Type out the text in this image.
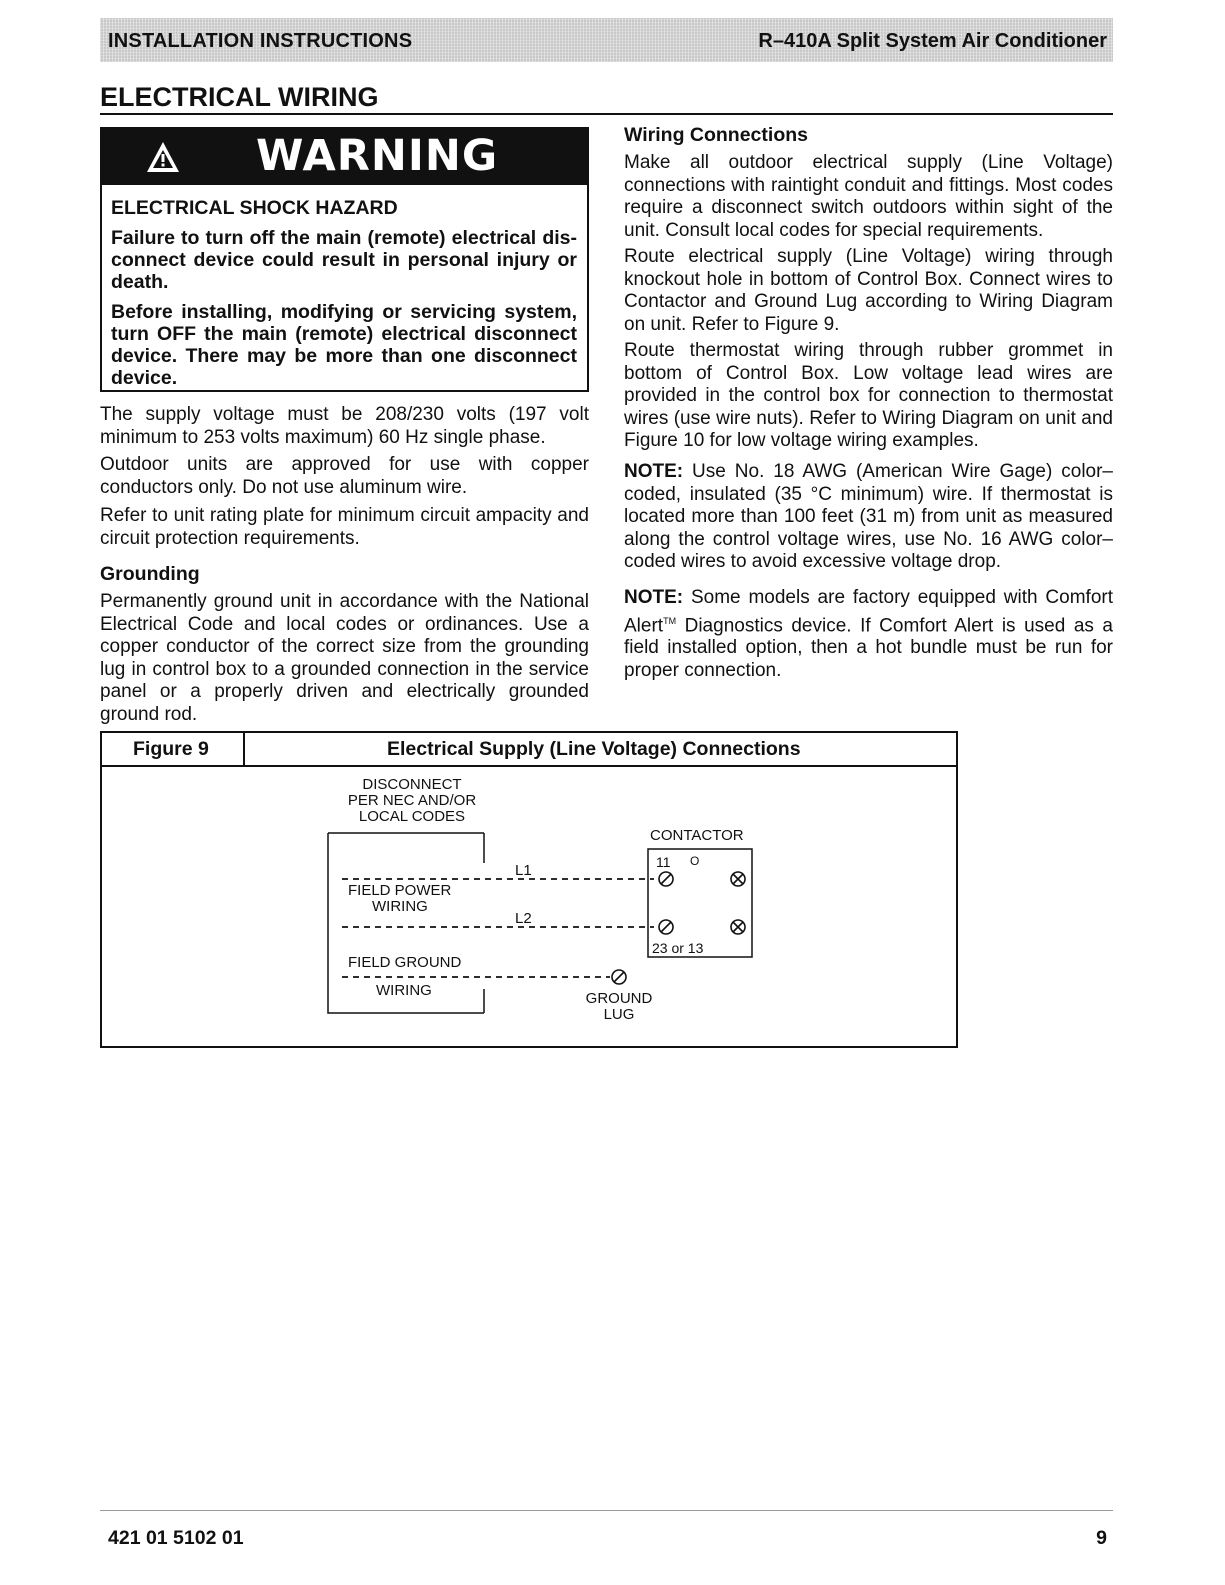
INSTALLATION INSTRUCTIONS	R–410A Split System Air Conditioner
ELECTRICAL WIRING
WARNING
ELECTRICAL SHOCK HAZARD
Failure to turn off the main (remote) electrical dis-connect device could result in personal injury or death.
Before installing, modifying or servicing system, turn OFF the main (remote) electrical disconnect device. There may be more than one disconnect device.
The supply voltage must be 208/230 volts (197 volt minimum to 253 volts maximum) 60 Hz single phase.
Outdoor units are approved for use with copper conductors only. Do not use aluminum wire.
Refer to unit rating plate for minimum circuit ampacity and circuit protection requirements.
Grounding
Permanently ground unit in accordance with the National Electrical Code and local codes or ordinances. Use a copper conductor of the correct size from the grounding lug in control box to a grounded connection in the service panel or a properly driven and electrically grounded ground rod.
Wiring Connections
Make all outdoor electrical supply (Line Voltage) connections with raintight conduit and fittings. Most codes require a disconnect switch outdoors within sight of the unit. Consult local codes for special requirements.
Route electrical supply (Line Voltage) wiring through knockout hole in bottom of Control Box. Connect wires to Contactor and Ground Lug according to Wiring Diagram on unit. Refer to Figure 9.
Route thermostat wiring through rubber grommet in bottom of Control Box. Low voltage lead wires are provided in the control box for connection to thermostat wires (use wire nuts). Refer to Wiring Diagram on unit and Figure 10 for low voltage wiring examples.
NOTE: Use No. 18 AWG (American Wire Gage) color–coded, insulated (35 °C minimum) wire. If thermostat is located more than 100 feet (31 m) from unit as measured along the control voltage wires, use No. 16 AWG color–coded wires to avoid excessive voltage drop.
NOTE: Some models are factory equipped with Comfort Alert™ Diagnostics device. If Comfort Alert is used as a field installed option, then a hot bundle must be run for proper connection.
Figure 9	Electrical Supply (Line Voltage) Connections
DISCONNECT
PER NEC AND/OR
LOCAL CODES
FIELD POWER
WIRING
FIELD GROUND
WIRING
L1
L2
CONTACTOR
11 O
23 or 13
GROUND
LUG
421 01 5102 01	9
